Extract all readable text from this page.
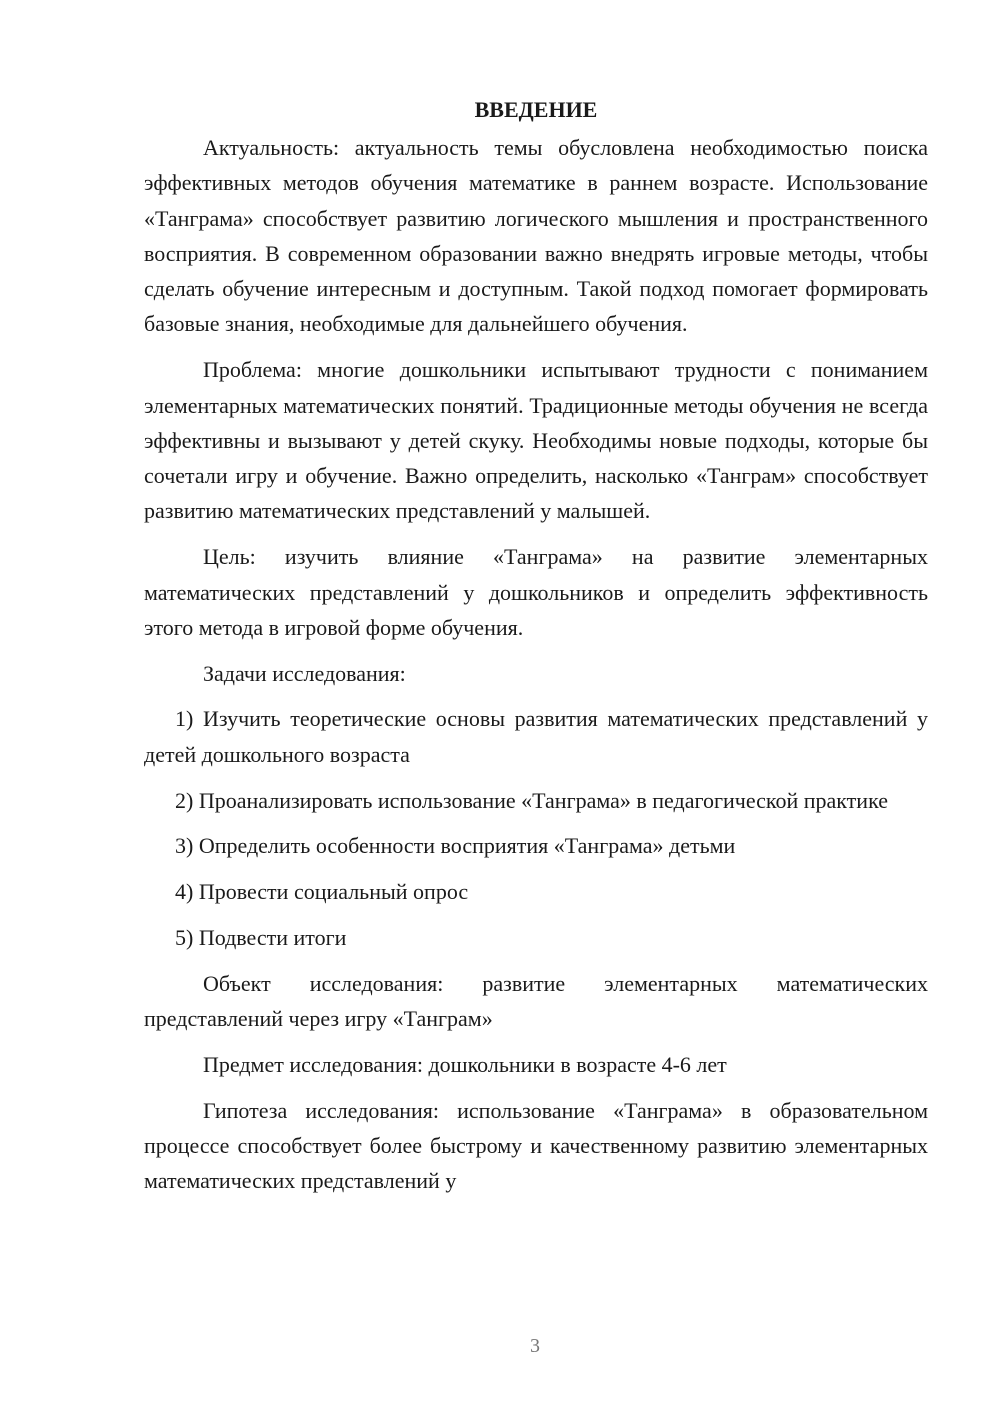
ВВЕДЕНИЕ

Актуальность: актуальность темы обусловлена необходимостью поиска эффективных методов обучения математике в раннем возрасте. Использование «Танграма» способствует развитию логического мышления и пространственного восприятия. В современном образовании важно внедрять игровые методы, чтобы сделать обучение интересным и доступным. Такой подход помогает формировать базовые знания, необходимые для дальнейшего обучения.

Проблема: многие дошкольники испытывают трудности с пониманием элементарных математических понятий. Традиционные методы обучения не всегда эффективны и вызывают у детей скуку. Необходимы новые подходы, которые бы сочетали игру и обучение. Важно определить, насколько «Танграм» способствует развитию математических представлений у малышей.

Цель: изучить влияние «Танграма» на развитие элементарных математических представлений у дошкольников и определить эффективность этого метода в игровой форме обучения.

Задачи исследования:

1) Изучить теоретические основы развития математических представлений у детей дошкольного возраста

2) Проанализировать использование «Танграма» в педагогической практике

3) Определить особенности восприятия «Танграма» детьми

4) Провести социальный опрос

5) Подвести итоги

Объект исследования: развитие элементарных математических представлений через игру «Танграм»

Предмет исследования: дошкольники в возрасте 4-6 лет

Гипотеза исследования: использование «Танграма» в образовательном процессе способствует более быстрому и качественному развитию элементарных математических представлений у

3
